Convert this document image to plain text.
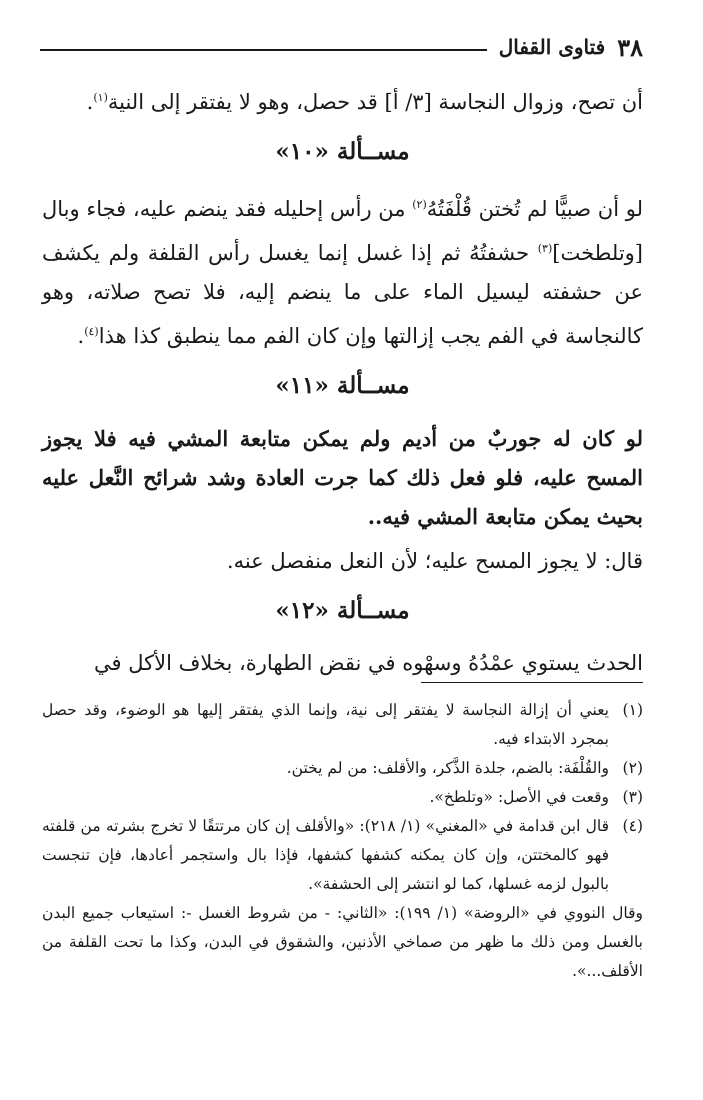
٣٨
فتاوى القفال

أن تصح، وزوال النجاسة [٣/ أ] قد حصل، وهو لا يفتقر إلى النية$^{(١)}$.

مســألة «١٠»

لو أن صبيًّا لم تُختن قُلْفَتُهُ$^{(٢)}$ من رأس إحليله فقد ينضم عليه، فجاء وبال [وتلطخت]$^{(٣)}$ حشفتُهُ ثم إذا غسل إنما يغسل رأس القلفة ولم يكشف عن حشفته ليسيل الماء على ما ينضم إليه، فلا تصح صلاته، وهو كالنجاسة في الفم يجب إزالتها وإن كان الفم مما ينطبق كذا هذا$^{(٤)}$.

مســألة «١١»

لو كان له جوربٌ من أديم ولم يمكن متابعة المشي فيه فلا يجوز المسح عليه، فلو فعل ذلك كما جرت العادة وشد شرائح النَّعل عليه بحيث يمكن متابعة المشي فيه..

قال: لا يجوز المسح عليه؛ لأن النعل منفصل عنه.

مســألة «١٢»

الحدث يستوي عمْدُهُ وسهْوه في نقض الطهارة، بخلاف الأكل في

(١)
يعني أن إزالة النجاسة لا يفتقر إلى نية، وإنما الذي يفتقر إليها هو الوضوء، وقد حصل بمجرد الابتداء فيه.
(٢)
والقُلْفَة: بالضم، جلدة الذَّكر، والأقلف: من لم يختن.
(٣)
وقعت في الأصل: «وتلطخ».
(٤)
قال ابن قدامة في «المغني» (١/ ٢١٨): «والأقلف إن كان مرتتقًا لا تخرج بشرته من قلفته فهو كالمختتن، وإن كان يمكنه كشفها كشفها، فإذا بال واستجمر أعادها، فإن تنجست بالبول لزمه غسلها، كما لو انتشر إلى الحشفة».

وقال النووي في «الروضة» (١/ ١٩٩): «الثاني: - من شروط الغسل -: استيعاب جميع البدن بالغسل ومن ذلك ما ظهر من صماخي الأذنين، والشقوق في البدن، وكذا ما تحت القلفة من الأقلف...».
